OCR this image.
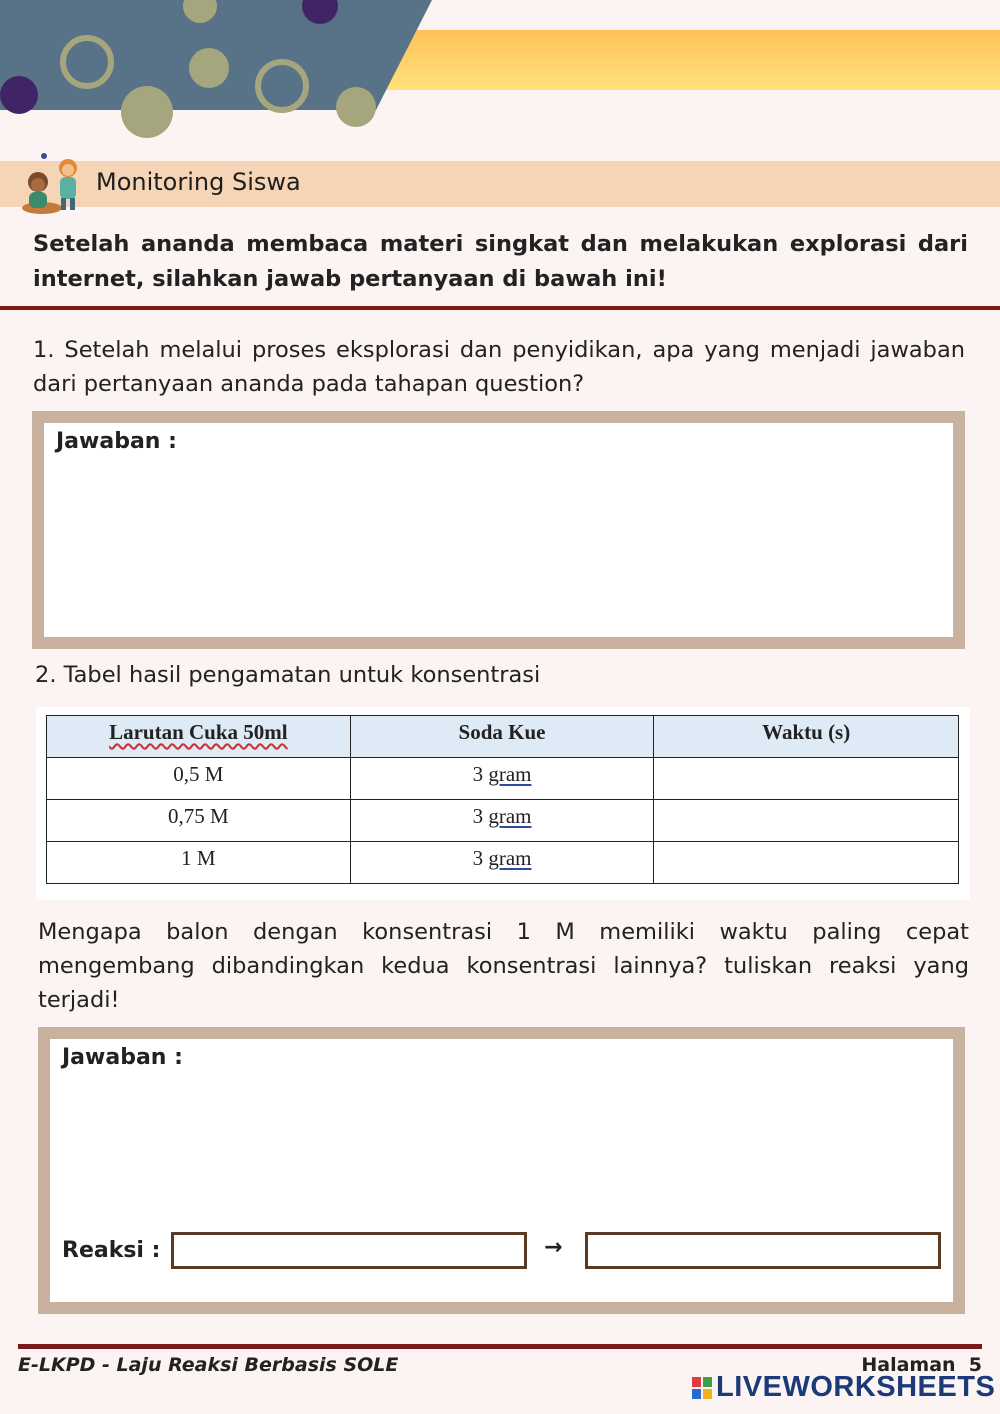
Monitoring Siswa
Setelah ananda membaca materi singkat dan melakukan explorasi dari internet, silahkan jawab pertanyaan di bawah ini!
1. Setelah melalui proses eksplorasi dan penyidikan, apa yang menjadi jawaban dari pertanyaan ananda pada tahapan question?
Jawaban :
2. Tabel hasil pengamatan untuk konsentrasi
Larutan Cuka 50ml	Soda Kue	Waktu (s)
0,5 M	3 gram	
0,75 M	3 gram	
1 M	3 gram	
Mengapa balon dengan konsentrasi 1 M memiliki waktu paling cepat mengembang dibandingkan kedua konsentrasi lainnya? tuliskan reaksi yang terjadi!
Jawaban :
Reaksi :	→
E-LKPD - Laju Reaksi Berbasis SOLE	Halaman  5
LIVEWORKSHEETS
